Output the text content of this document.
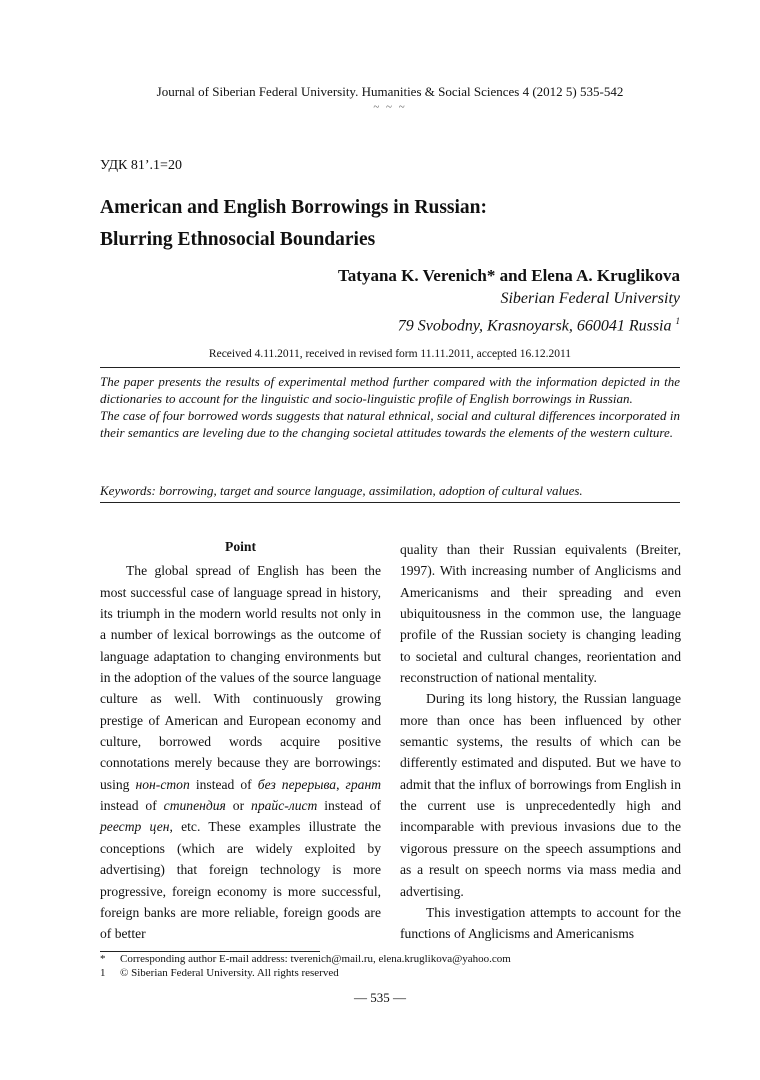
Journal of Siberian Federal University. Humanities & Social Sciences 4 (2012 5) 535-542
~ ~ ~
УДК 81’.1=20
American and English Borrowings in Russian:
Blurring Ethnosocial Boundaries
Tatyana K. Verenich* and Elena A. Kruglikova
Siberian Federal University
79 Svobodny, Krasnoyarsk, 660041 Russia $^1$
Received 4.11.2011, received in revised form 11.11.2011, accepted 16.12.2011

The paper presents the results of experimental method further compared with the information depicted in the dictionaries to account for the linguistic and socio-linguistic profile of English borrowings in Russian.

The case of four borrowed words suggests that natural ethnical, social and cultural differences incorporated in their semantics are leveling due to the changing societal attitudes towards the elements of the western culture.

Keywords: borrowing, target and source language, assimilation, adoption of cultural values.
Point

The global spread of English has been the most successful case of language spread in history, its triumph in the modern world results not only in a number of lexical borrowings as the outcome of language adaptation to changing environments but in the adoption of the values of the source language culture as well. With continuously growing prestige of American and European economy and culture, borrowed words acquire positive connotations merely because they are borrowings: using нон-стоп instead of без перерыва, грант instead of стипендия or прайс-лист instead of реестр цен, etc. These examples illustrate the conceptions (which are widely exploited by advertising) that foreign technology is more progressive, foreign economy is more successful, foreign banks are more reliable, foreign goods are of better

quality than their Russian equivalents (Breiter, 1997). With increasing number of Anglicisms and Americanisms and their spreading and even ubiquitousness in the common use, the language profile of the Russian society is changing leading to societal and cultural changes, reorientation and reconstruction of national mentality.

During its long history, the Russian language more than once has been influenced by other semantic systems, the results of which can be differently estimated and disputed. But we have to admit that the influx of borrowings from English in the current use is unprecedentedly high and incomparable with previous invasions due to the vigorous pressure on the speech assumptions and as a result on speech norms via mass media and advertising.

This investigation attempts to account for the functions of Anglicisms and Americanisms

* Corresponding author E-mail address: tverenich@mail.ru, elena.kruglikova@yahoo.com
1 © Siberian Federal University. All rights reserved
— 535 —
